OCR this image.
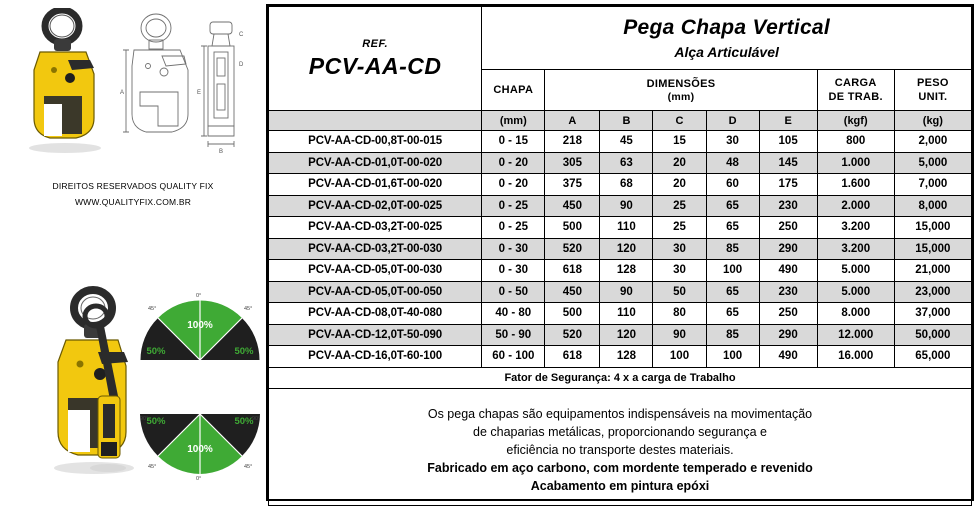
A	E
B
C
D
DIREITOS RESERVADOS QUALITY FIX
WWW.QUALITYFIX.COM.BR
100%
50%	50%
0°
45°
45°
100%
50%	50%
0°
45°
45°
90°	90°
REF.
PCV-AA-CD

Pega Chapa Vertical
Alça Articulável

CHAPA	
DIMENSÕES
(mm)

CARGA
DE TRAB.

PESO
UNIT.

	(mm)	A	B	C	D	E	(kgf)	(kg)
PCV-AA-CD-00,8T-00-015	0 - 15	218	45	15	30	105	800	2,000
PCV-AA-CD-01,0T-00-020	0 - 20	305	63	20	48	145	1.000	5,000
PCV-AA-CD-01,6T-00-020	0 - 20	375	68	20	60	175	1.600	7,000
PCV-AA-CD-02,0T-00-025	0 - 25	450	90	25	65	230	2.000	8,000
PCV-AA-CD-03,2T-00-025	0 - 25	500	110	25	65	250	3.200	15,000
PCV-AA-CD-03,2T-00-030	0 - 30	520	120	30	85	290	3.200	15,000
PCV-AA-CD-05,0T-00-030	0 - 30	618	128	30	100	490	5.000	21,000
PCV-AA-CD-05,0T-00-050	0 - 50	450	90	50	65	230	5.000	23,000
PCV-AA-CD-08,0T-40-080	40 - 80	500	110	80	65	250	8.000	37,000
PCV-AA-CD-12,0T-50-090	50 - 90	520	120	90	85	290	12.000	50,000
PCV-AA-CD-16,0T-60-100	60 - 100	618	128	100	100	490	16.000	65,000
Fator de Segurança: 4 x a carga de Trabalho								

Os pega chapas são equipamentos indispensáveis na movimentação
de chaparias metálicas, proporcionando segurança e
eficiência no transporte destes materiais.
Fabricado em aço carbono, com mordente temperado e revenido
Acabamento em pintura epóxi								
